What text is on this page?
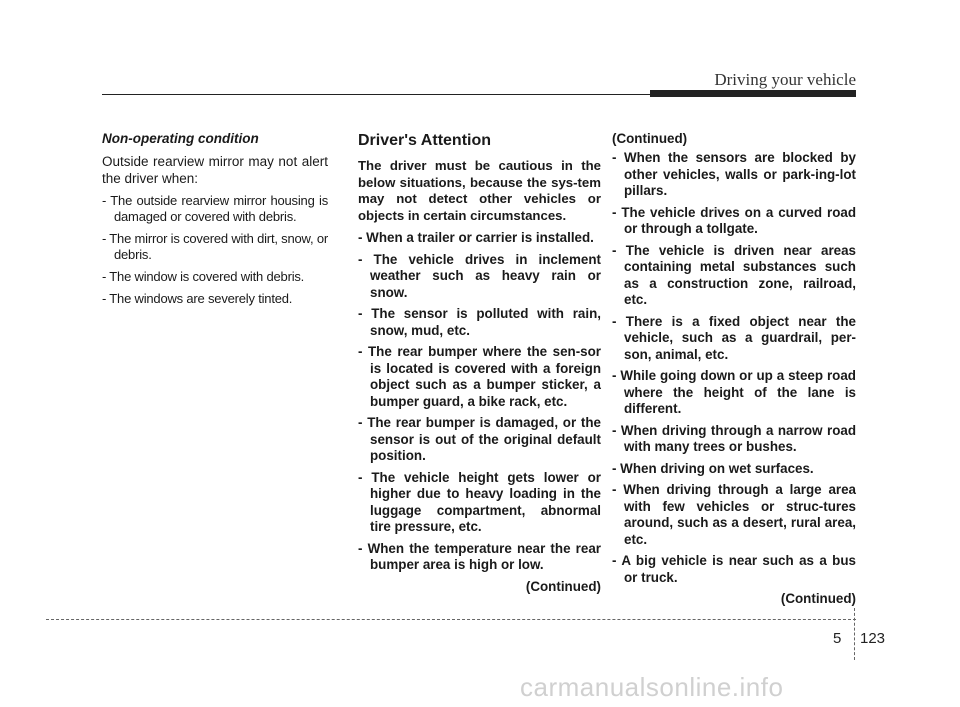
Driving your vehicle
Non-operating condition
Outside rearview mirror may not alert the driver when:
- The outside rearview mirror housing is damaged or covered with debris.
- The mirror is covered with dirt, snow, or debris.
- The window is covered with debris.
- The windows are severely tinted.
Driver's Attention
The driver must be cautious in the below situations, because the sys-tem may not detect other vehicles or objects in certain circumstances.
- When a trailer or carrier is installed.
- The vehicle drives in inclement weather such as heavy rain or snow.
- The sensor is polluted with rain, snow, mud, etc.
- The rear bumper where the sen-sor is located is covered with a foreign object such as a bumper sticker, a bumper guard, a bike rack, etc.
- The rear bumper is damaged, or the sensor is out of the original default position.
- The vehicle height gets lower or higher due to heavy loading in the luggage compartment, abnormal tire pressure, etc.
- When the temperature near the rear bumper area is high or low.
(Continued)
(Continued)
- When the sensors are blocked by other vehicles, walls or park-ing-lot pillars.
- The vehicle drives on a curved road or through a tollgate.
- The vehicle is driven near areas containing metal substances such as a construction zone, railroad, etc.
- There is a fixed object near the vehicle, such as a guardrail, per-son, animal, etc.
- While going down or up a steep road where the height of the lane is different.
- When driving through a narrow road with many trees or bushes.
- When driving on wet surfaces.
- When driving through a large area with few vehicles or struc-tures around, such as a desert, rural area, etc.
- A big vehicle is near such as a bus or truck.
(Continued)
5 123
carmanualsonline.info
